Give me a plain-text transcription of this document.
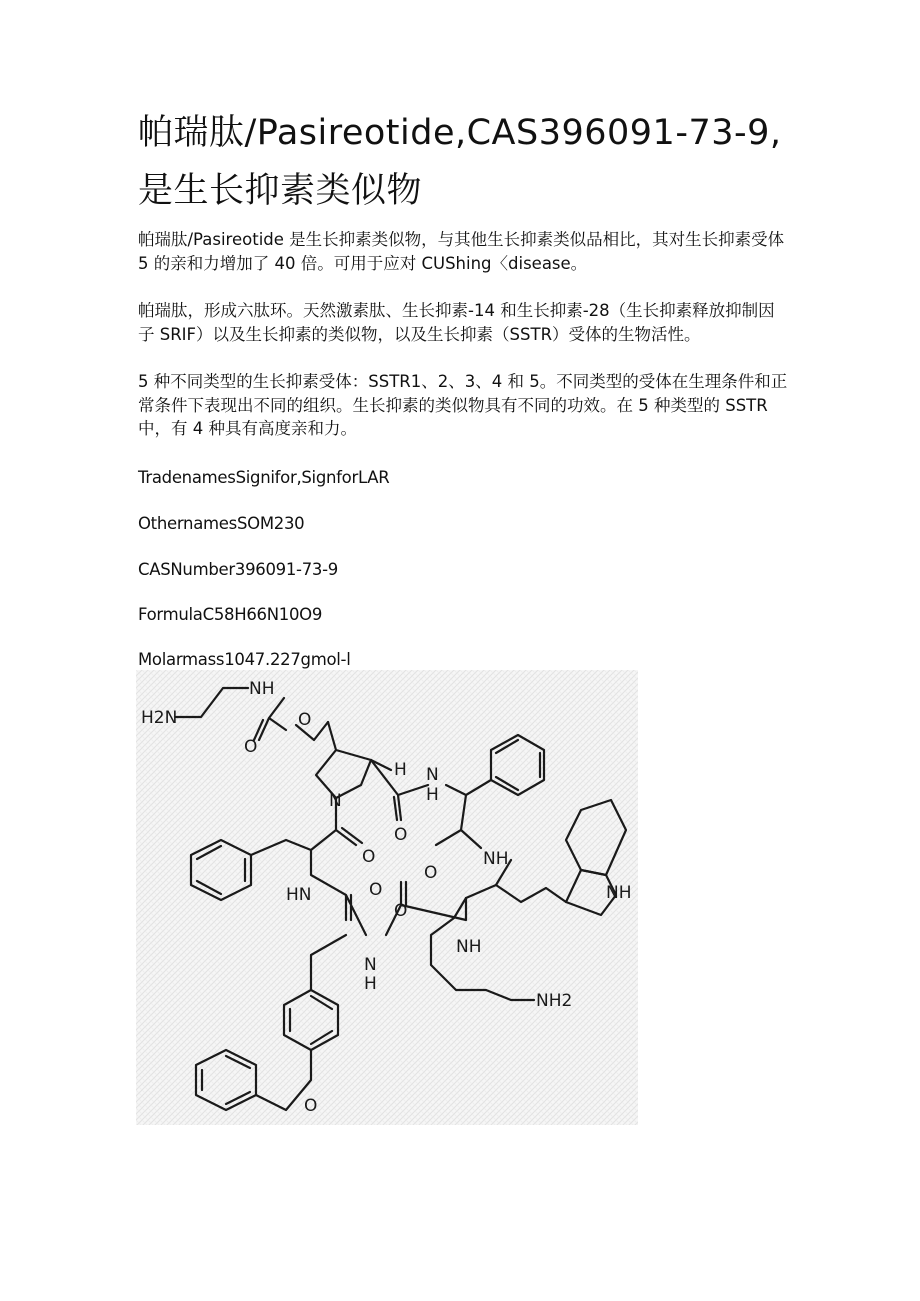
帕瑞肽/Pasireotide,CAS396091-73-9,
是生长抑素类似物

帕瑞肽/Pasireotide 是生长抑素类似物，与其他生长抑素类似品相比，其对生长抑素受体 5 的亲和力增加了 40 倍。可用于应对 CUShing〈disease。

帕瑞肽，形成六肽环。天然激素肽、生长抑素-14 和生长抑素-28（生长抑素释放抑制因子 SRIF）以及生长抑素的类似物，以及生长抑素（SSTR）受体的生物活性。

5 种不同类型的生长抑素受体：SSTR1、2、3、4 和 5。不同类型的受体在生理条件和正常条件下表现出不同的组织。生长抑素的类似物具有不同的功效。在 5 种类型的 SSTR 中，有 4 种具有高度亲和力。

TradenamesSignifor,SignforLAR

OthernamesSOM230

CASNumber396091-73-9

FormulaC58H66N10O9

Molarmass1047.227gmol-l

NH
H2N	O
O
H N
H
N
O
O
HN
NH
NH
O
O
O
N
H
NH
NH2
O
